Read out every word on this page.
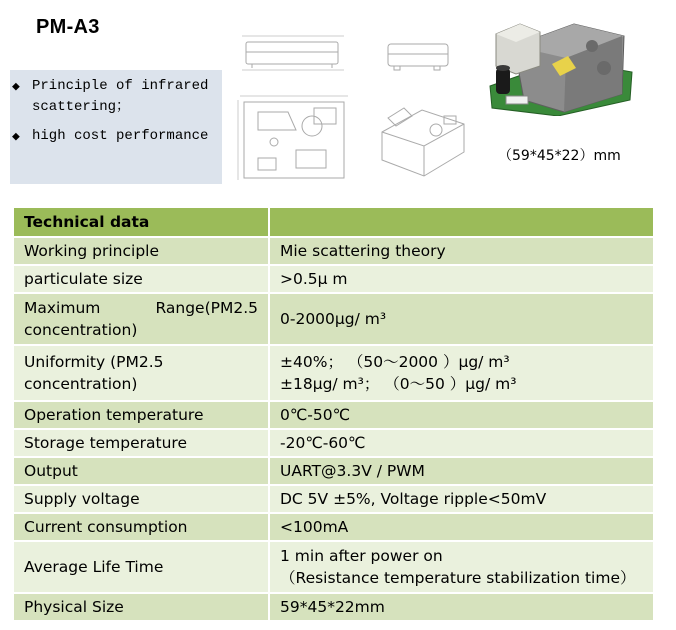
PM-A3
◆ Principle of infrared scattering；
◆ high cost performance
（59*45*22）mm
Technical data	
Working principle	Mie scattering theory
particulate size	>0.5μ m
Maximum Range(PM2.5 concentration)	0-2000μg/ m³
Uniformity (PM2.5 concentration)	±40%； （50～2000 ）μg/ m³
±18μg/ m³； （0～50 ）μg/ m³

Operation temperature	0℃-50℃
Storage temperature	-20℃-60℃
Output	UART@3.3V / PWM
Supply voltage	DC 5V ±5%, Voltage ripple<50mV
Current consumption	<100mA
Average Life Time	1 min after power on
（Resistance temperature stabilization time）

Physical Size	59*45*22mm
